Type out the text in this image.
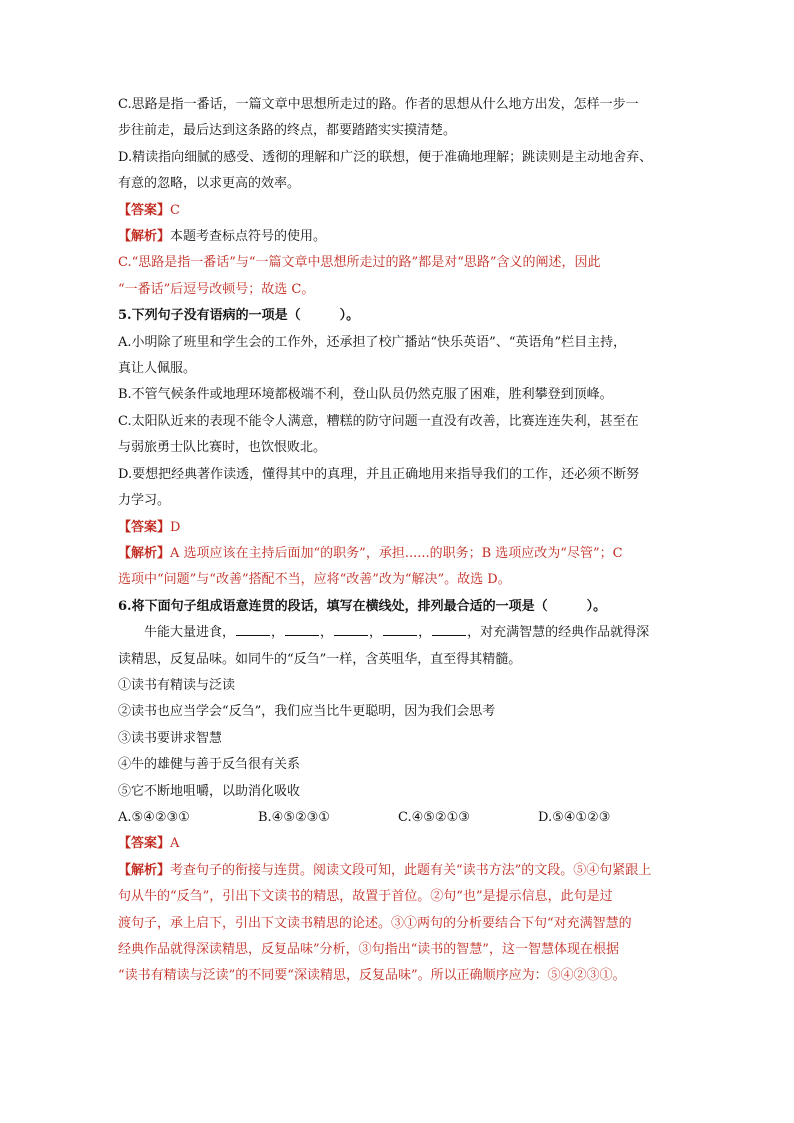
C.思路是指一番话，一篇文章中思想所走过的路。作者的思想从什么地方出发，怎样一步一
步往前走，最后达到这条路的终点，都要踏踏实实摸清楚。
D.精读指向细腻的感受、透彻的理解和广泛的联想，便于准确地理解；跳读则是主动地舍弃、
有意的忽略，以求更高的效率。
【答案】C
【解析】本题考查标点符号的使用。
C.“思路是指一番话”与“一篇文章中思想所走过的路”都是对“思路”含义的阐述，因此
“一番话”后逗号改顿号；故选 C。
5.下列句子没有语病的一项是（　　　）。
A.小明除了班里和学生会的工作外，还承担了校广播站“快乐英语”、“英语角”栏目主持，
真让人佩服。
B.不管气候条件或地理环境都极端不利，登山队员仍然克服了困难，胜利攀登到顶峰。
C.太阳队近来的表现不能令人满意，糟糕的防守问题一直没有改善，比赛连连失利，甚至在
与弱旅勇士队比赛时，也饮恨败北。
D.要想把经典著作读透，懂得其中的真理，并且正确地用来指导我们的工作，还必须不断努
力学习。
【答案】D
【解析】A 选项应该在主持后面加“的职务”，承担......的职务；B 选项应改为“尽管”；C
选项中“问题”与“改善”搭配不当，应将“改善”改为“解决”。故选 D。
6.将下面句子组成语意连贯的段话，填写在横线处，排列最合适的一项是（　　　）。
牛能大量进食，	，	，	，	，	，对充满智慧的经典作品就得深
读精思，反复品味。如同牛的“反刍”一样，含英咀华，直至得其精髓。
①读书有精读与泛读
②读书也应当学会“反刍”，我们应当比牛更聪明，因为我们会思考
③读书要讲求智慧
④牛的雄健与善于反刍很有关系
⑤它不断地咀嚼，以助消化吸收
A.⑤④②③①	B.④⑤②③①	C.④⑤②①③	D.⑤④①②③
【答案】A
【解析】考查句子的衔接与连贯。阅读文段可知，此题有关“读书方法”的文段。⑤④句紧跟上
句从牛的“反刍”，引出下文读书的精思，故置于首位。②句“也”是提示信息，此句是过
渡句子，承上启下，引出下文读书精思的论述。③①两句的分析要结合下句“对充满智慧的
经典作品就得深读精思，反复品味”分析，③句指出“读书的智慧”，这一智慧体现在根据
“读书有精读与泛读”的不同要“深读精思，反复品味”。所以正确顺序应为：⑤④②③①。
